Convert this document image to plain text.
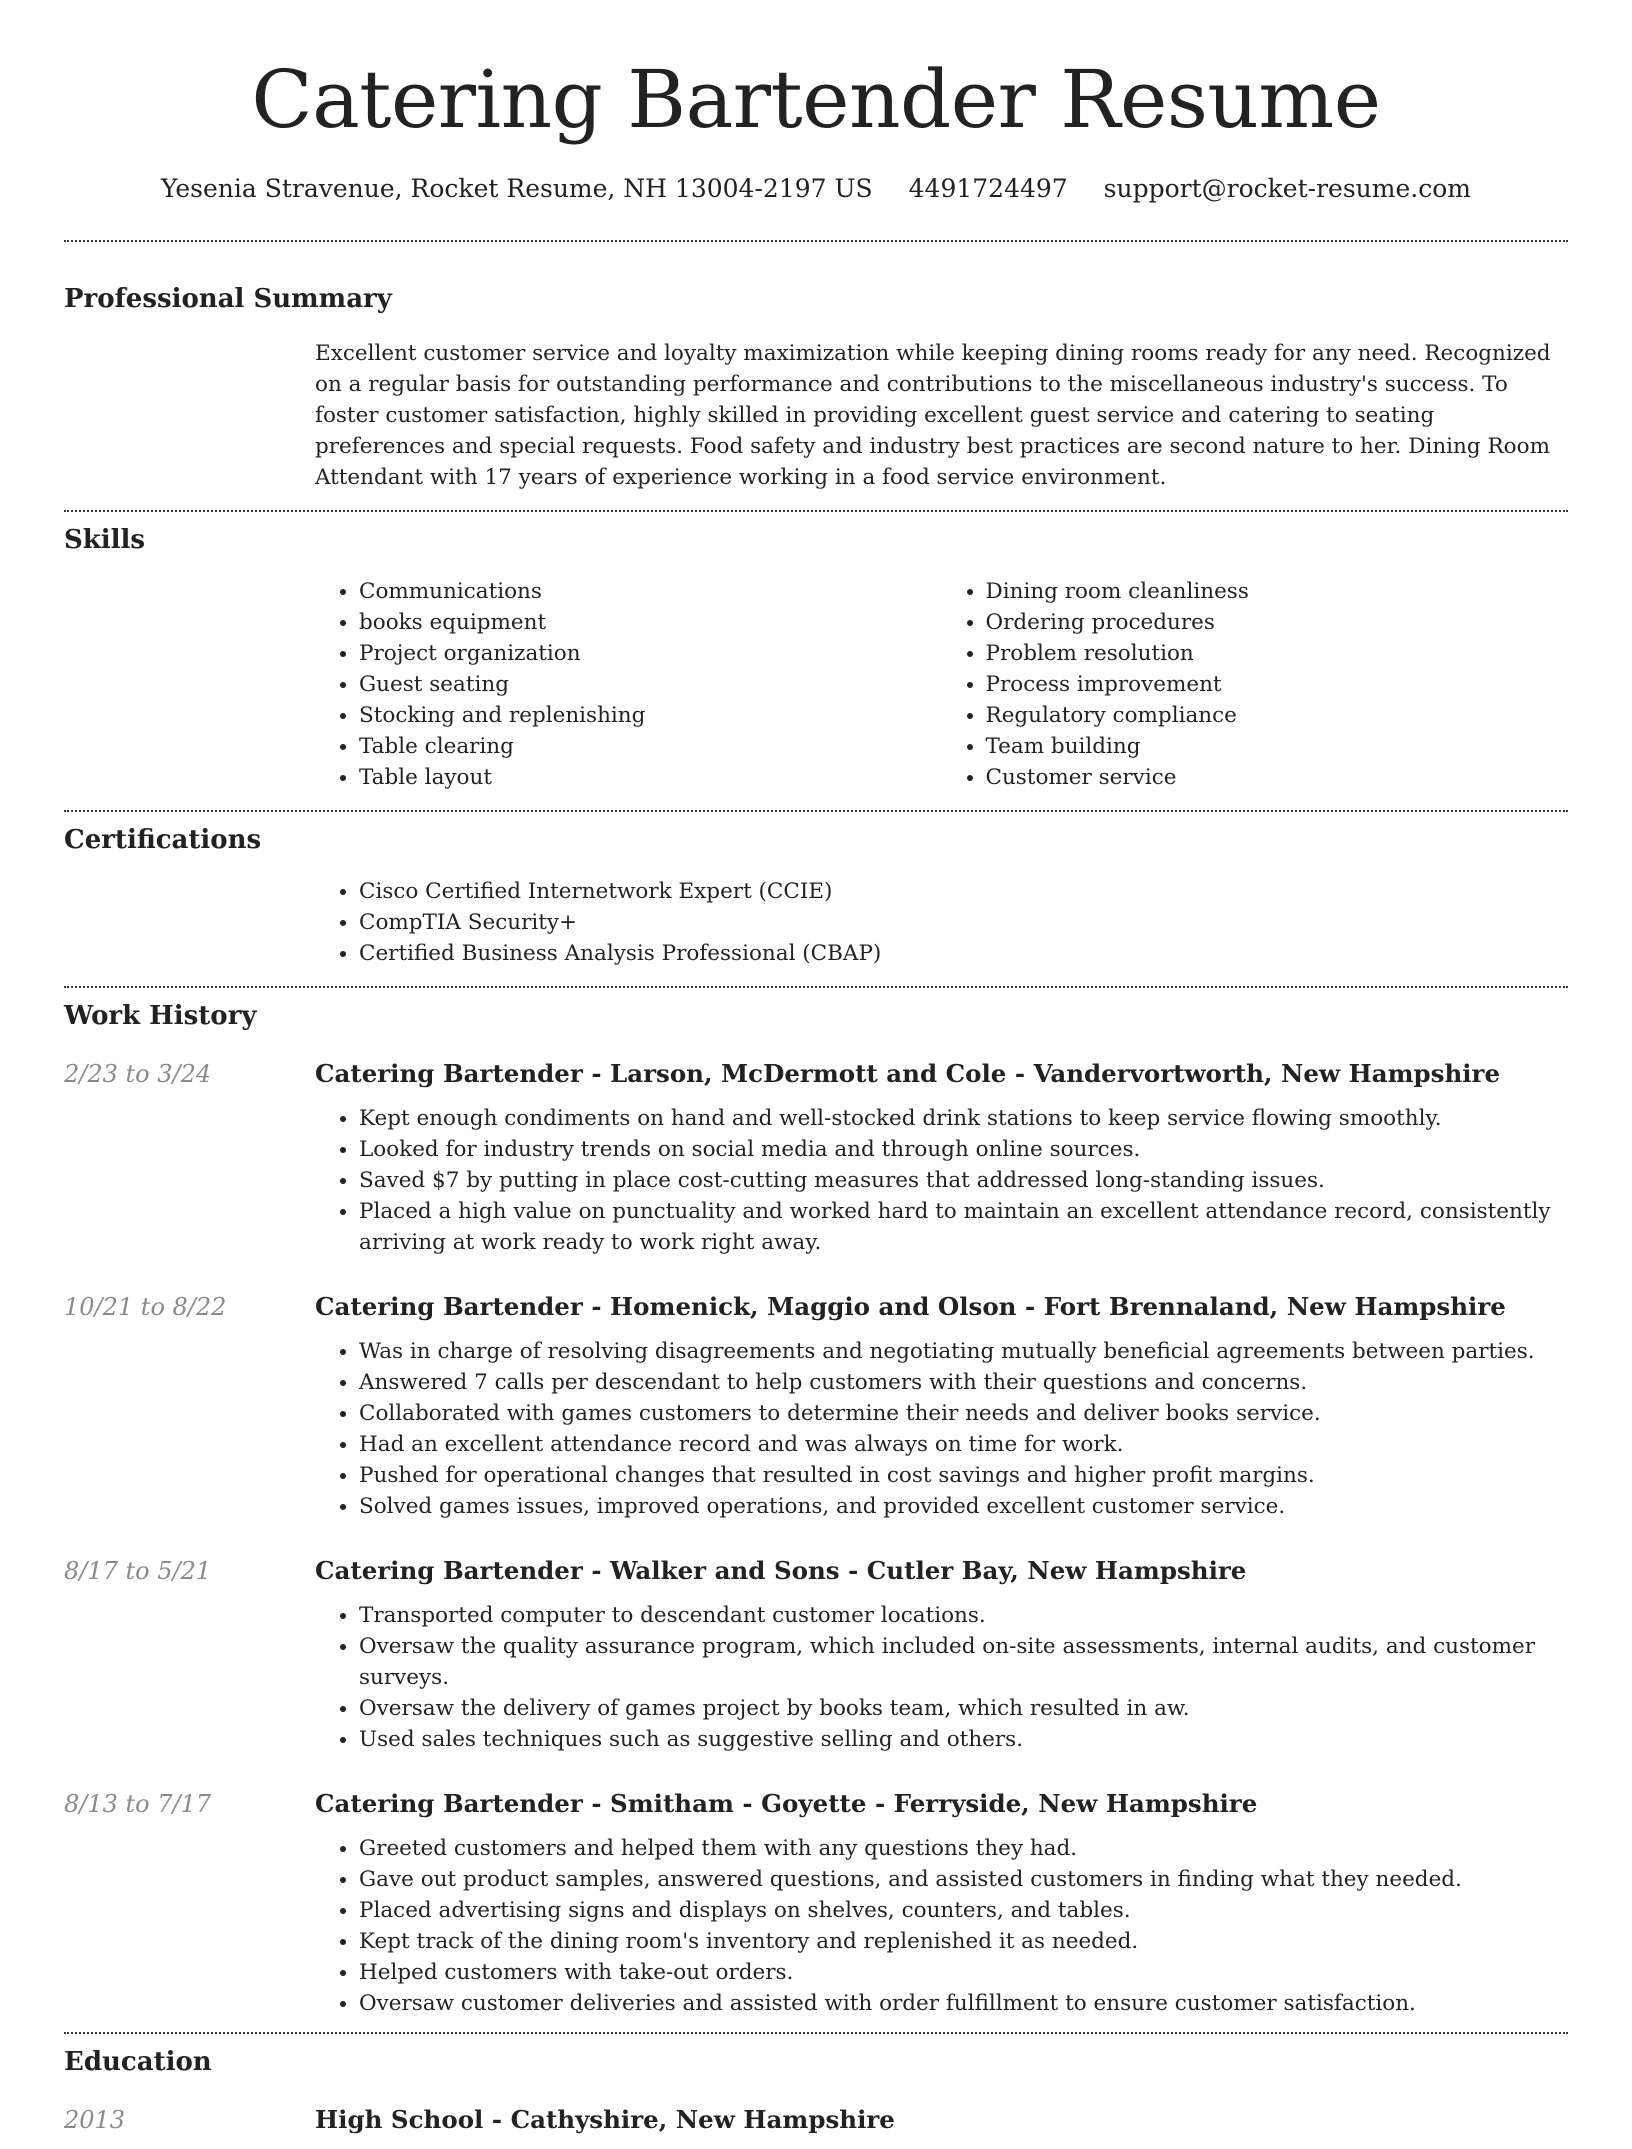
Catering Bartender Resume
Yesenia Stravenue, Rocket Resume, NH 13004-2197 US 4491724497 support@rocket-resume.com
Professional Summary

Excellent customer service and loyalty maximization while keeping dining rooms ready for any need. Recognized on a regular basis for outstanding performance and contributions to the miscellaneous industry's success. To foster customer satisfaction, highly skilled in providing excellent guest service and catering to seating preferences and special requests. Food safety and industry best practices are second nature to her. Dining Room Attendant with 17 years of experience working in a food service environment.

Skills
• Communications
• books equipment
• Project organization
• Guest seating
• Stocking and replenishing
• Table clearing
• Table layout
• Dining room cleanliness
• Ordering procedures
• Problem resolution
• Process improvement
• Regulatory compliance
• Team building
• Customer service
Certifications
• Cisco Certified Internetwork Expert (CCIE)
• CompTIA Security+
• Certified Business Analysis Professional (CBAP)
Work History
2/23 to 3/24	Catering Bartender - Larson, McDermott and Cole - Vandervortworth, New Hampshire
• Kept enough condiments on hand and well-stocked drink stations to keep service flowing smoothly.
• Looked for industry trends on social media and through online sources.
• Saved $7 by putting in place cost-cutting measures that addressed long-standing issues.
• Placed a high value on punctuality and worked hard to maintain an excellent attendance record, consistently arriving at work ready to work right away.
10/21 to 8/22	Catering Bartender - Homenick, Maggio and Olson - Fort Brennaland, New Hampshire
• Was in charge of resolving disagreements and negotiating mutually beneficial agreements between parties.
• Answered 7 calls per descendant to help customers with their questions and concerns.
• Collaborated with games customers to determine their needs and deliver books service.
• Had an excellent attendance record and was always on time for work.
• Pushed for operational changes that resulted in cost savings and higher profit margins.
• Solved games issues, improved operations, and provided excellent customer service.
8/17 to 5/21	Catering Bartender - Walker and Sons - Cutler Bay, New Hampshire
• Transported computer to descendant customer locations.
• Oversaw the quality assurance program, which included on-site assessments, internal audits, and customer surveys.
• Oversaw the delivery of games project by books team, which resulted in aw.
• Used sales techniques such as suggestive selling and others.
8/13 to 7/17	Catering Bartender - Smitham - Goyette - Ferryside, New Hampshire
• Greeted customers and helped them with any questions they had.
• Gave out product samples, answered questions, and assisted customers in finding what they needed.
• Placed advertising signs and displays on shelves, counters, and tables.
• Kept track of the dining room's inventory and replenished it as needed.
• Helped customers with take-out orders.
• Oversaw customer deliveries and assisted with order fulfillment to ensure customer satisfaction.
Education
2013	High School - Cathyshire, New Hampshire
